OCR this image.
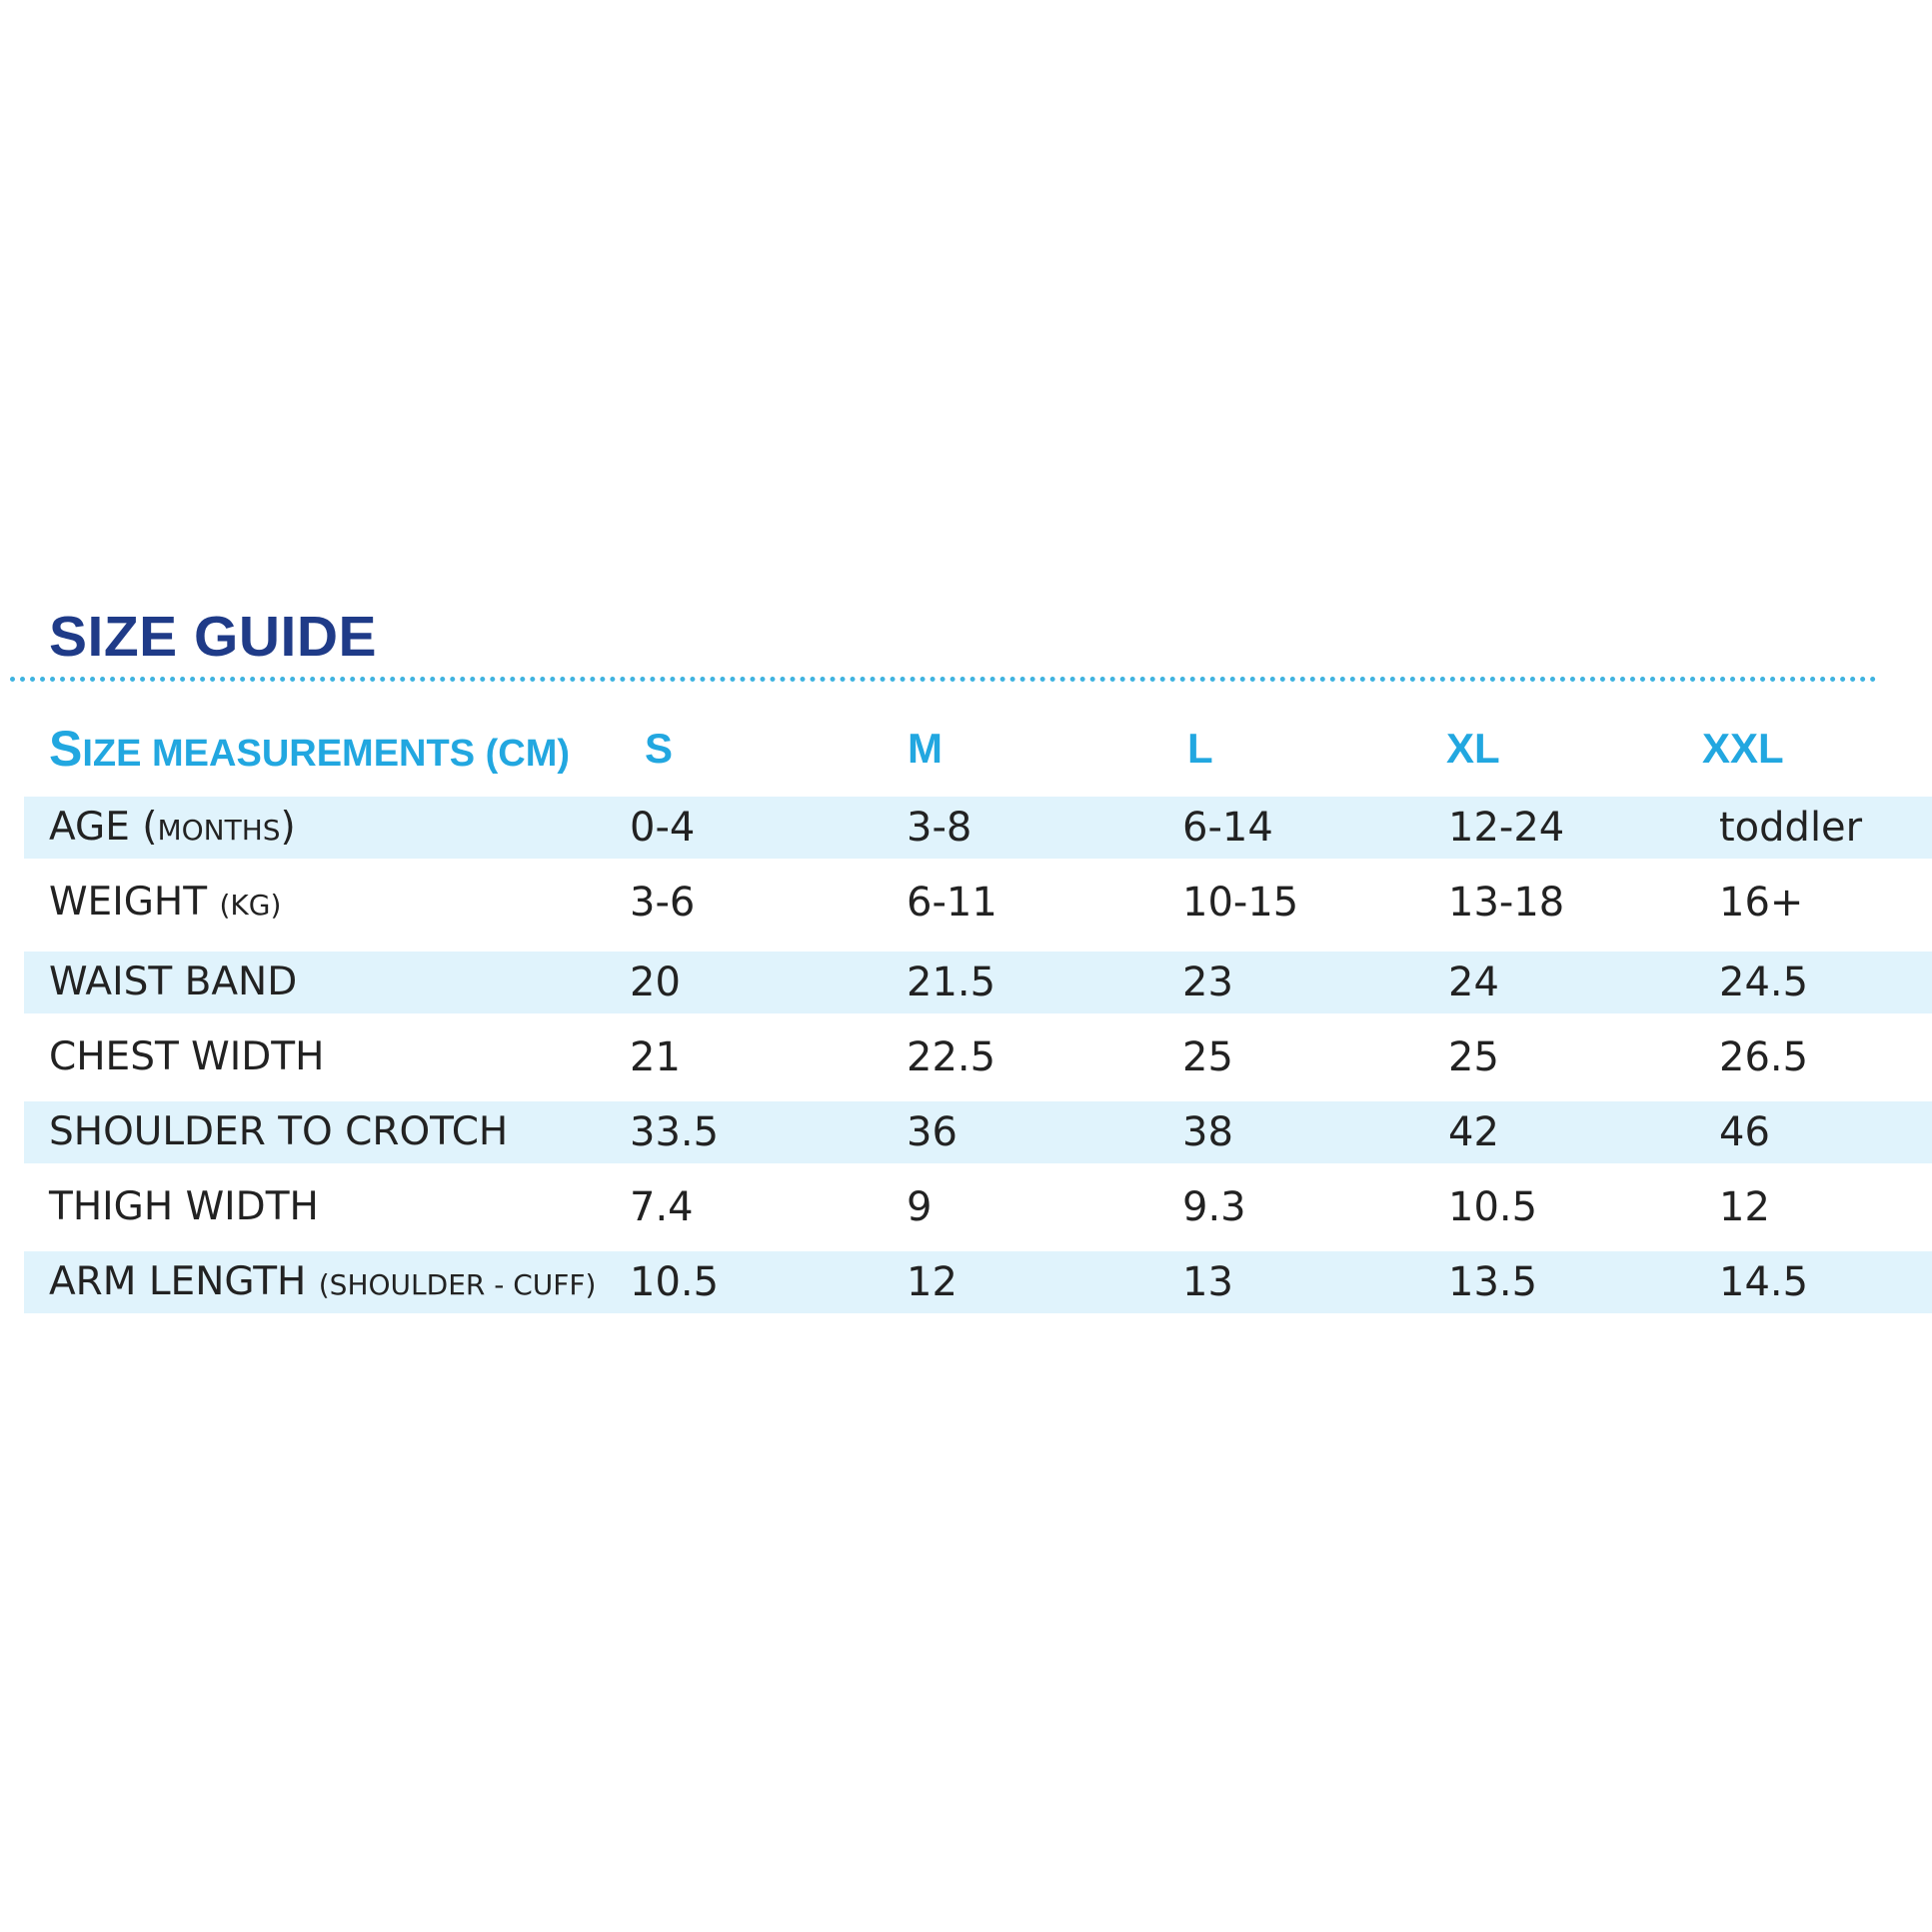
SIZE GUIDE
SIZE MEASUREMENTS (CM) S	M	L	XL	XXL
AGE (MONTHS)	0-4	3-8	6-14	12-24	toddler
WEIGHT (KG)	3-6	6-11	10-15	13-18	16+
WAIST BAND	20	21.5	23	24	24.5
CHEST WIDTH	21	22.5	25	25	26.5
SHOULDER TO CROTCH	33.5	36	38	42	46
THIGH WIDTH	7.4	9	9.3	10.5	12
ARM LENGTH (SHOULDER - CUFF) 10.5	12	13	13.5	14.5
